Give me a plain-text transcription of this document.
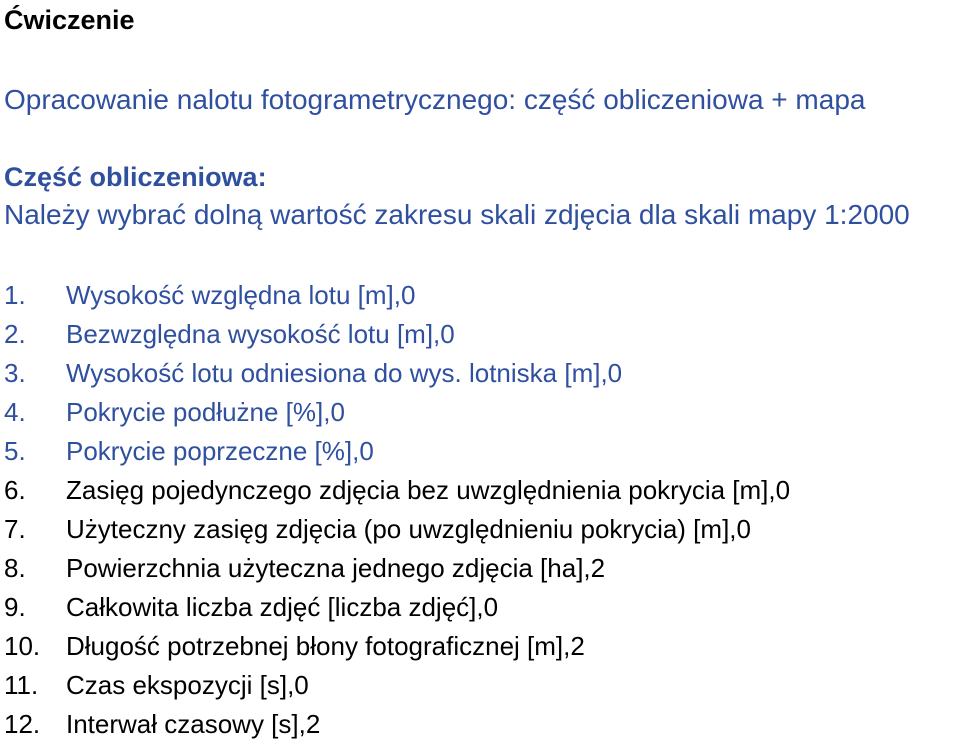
Ćwiczenie
Opracowanie nalotu fotogrametrycznego: część obliczeniowa + mapa
Część obliczeniowa:
Należy wybrać dolną wartość zakresu skali zdjęcia dla skali mapy 1:2000
1. Wysokość względna lotu [m],0
2. Bezwzględna wysokość lotu [m],0
3. Wysokość lotu odniesiona do wys. lotniska [m],0
4. Pokrycie podłużne [%],0
5. Pokrycie poprzeczne [%],0
6. Zasięg pojedynczego zdjęcia bez uwzględnienia pokrycia [m],0
7. Użyteczny zasięg zdjęcia (po uwzględnieniu pokrycia) [m],0
8. Powierzchnia użyteczna jednego zdjęcia [ha],2
9. Całkowita liczba zdjęć [liczba zdjęć],0
10. Długość potrzebnej błony fotograficznej [m],2
11. Czas ekspozycji [s],0
12. Interwał czasowy [s],2
